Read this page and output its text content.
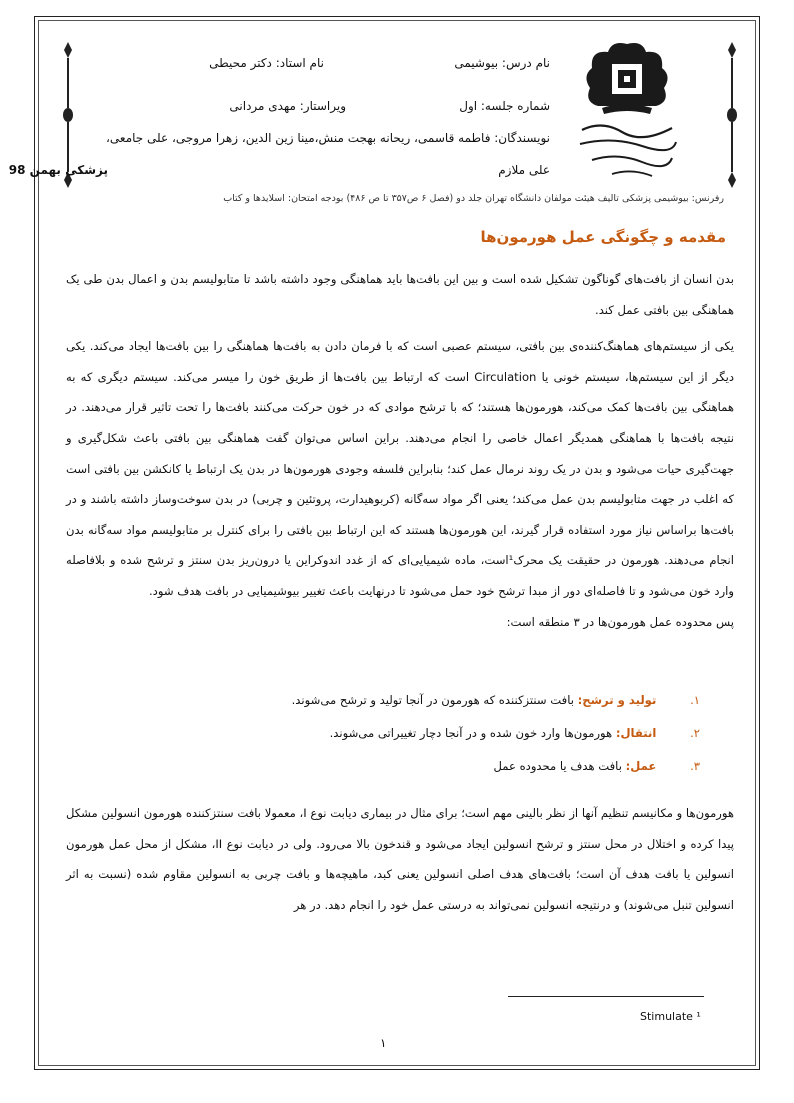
نام درس: بیوشیمی
نام استاد: دکتر محیطی
شماره جلسه: اول
ویراستار: مهدی مردانی
نویسندگان: فاطمه قاسمی، ریحانه بهجت منش،مینا زین الدین، زهرا مروجی، علی جامعی،
علی ملازم
پزشکی بهمن 98
رفرنس: بیوشیمی پزشکی تالیف هیئت مولفان دانشگاه تهران جلد دو (فصل ۶ ص۳۵۷ تا ص ۴۸۶) بودجه امتحان: اسلایدها و کتاب
مقدمه و چگونگی عمل هورمون‌ها

بدن انسان از بافت‌های گوناگون تشکیل شده است و بین این بافت‌ها باید هماهنگی وجود داشته باشد تا متابولیسم بدن و اعمال بدن طی یک هماهنگی بین بافتی عمل کند.

یکی از سیستم‌های هماهنگ‌کننده‌ی بین بافتی، سیستم عصبی است که با فرمان دادن به بافت‌ها هماهنگی را بین بافت‌ها ایجاد می‌کند. یکی دیگر از این سیستم‌ها، سیستم خونی یا Circulation است که ارتباط بین بافت‌ها از طریق خون را میسر می‌کند. سیستم دیگری که به هماهنگی بین بافت‌ها کمک می‌کند، هورمون‌ها هستند؛ که با ترشح موادی که در خون حرکت می‌کنند بافت‌ها را تحت تاثیر قرار می‌دهند. در نتیجه بافت‌ها با هماهنگی همدیگر اعمال خاصی را انجام می‌دهند. براین اساس می‌توان گفت هماهنگی بین بافتی باعث شکل‌گیری و جهت‌گیری حیات می‌شود و بدن در یک روند نرمال عمل کند؛ بنابراین فلسفه وجودی هورمون‌ها در بدن یک ارتباط یا کانکشن بین بافتی است که اغلب در جهت متابولیسم بدن عمل می‌کند؛ یعنی اگر مواد سه‌گانه (کربوهیدارت، پروتئین و چربی) در بدن سوخت‌وساز داشته باشند و در بافت‌ها براساس نیاز مورد استفاده قرار گیرند، این هورمون‌ها هستند که این ارتباط بین بافتی را برای کنترل بر متابولیسم مواد سه‌گانه بدن انجام می‌دهند. هورمون در حقیقت یک محرک¹است، ماده شیمیایی‌ای که از غدد اندوکراین یا درون‌ریز بدن سنتز و ترشح شده و بلافاصله وارد خون می‌شود و تا فاصله‌ای دور از مبدا ترشح خود حمل می‌شود تا درنهایت باعث تغییر بیوشیمیایی در بافت هدف شود.

پس محدوده عمل هورمون‌ها در ۳ منطقه است:

۱. تولید و ترشح: بافت سنتزکننده که هورمون در آنجا تولید و ترشح می‌شوند.
۲. انتقال: هورمون‌ها وارد خون شده و در آنجا دچار تغییراتی می‌شوند.
۳. عمل: بافت هدف یا محدوده عمل

هورمون‌ها و مکانیسم تنظیم آنها از نظر بالینی مهم است؛ برای مثال در بیماری دیابت نوع I، معمولا بافت سنتزکننده هورمون انسولین مشکل پیدا کرده و اختلال در محل سنتز و ترشح انسولین ایجاد می‌شود و قندخون بالا می‌رود. ولی در دیابت نوع II، مشکل از محل عمل هورمون انسولین یا بافت هدف آن است؛ بافت‌های هدف اصلی انسولین یعنی کبد، ماهیچه‌ها و بافت چربی به انسولین مقاوم شده (نسبت به اثر انسولین تنبل می‌شوند) و درنتیجه انسولین نمی‌تواند به درستی عمل خود را انجام دهد. در هر

Stimulate ¹
۱
